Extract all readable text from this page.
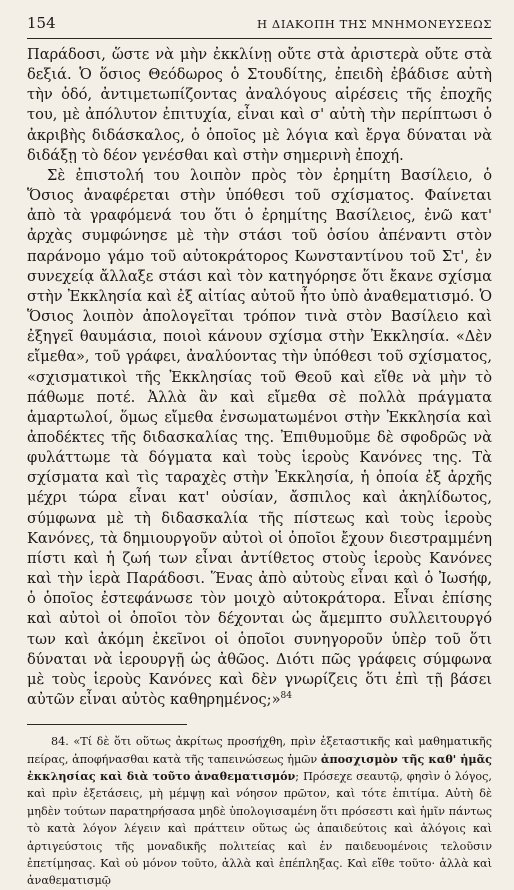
154	Η ΔΙΑΚΟΠΗ ΤΗΣ ΜΝΗΜΟΝΕΥΣΕΩΣ

Παράδοσι, ὥστε νὰ μὴν ἐκκλίνῃ οὔτε στὰ ἀριστερὰ οὔτε στὰ δεξιά. Ὁ ὅσιος Θεόδωρος ὁ Στουδίτης, ἐπειδὴ ἐβάδισε αὐτὴ τὴν ὁδό, ἀντιμετωπίζοντας ἀναλόγους αἱρέσεις τῆς ἐποχῆς του, μὲ ἀπόλυτον ἐπιτυχία, εἶναι καὶ σ' αὐτὴ τὴν περίπτωσι ὁ ἀκριβὴς διδάσκαλος, ὁ ὁποῖος μὲ λόγια καὶ ἔργα δύναται νὰ διδάξῃ τὸ δέον γενέσθαι καὶ στὴν σημερινὴ ἐποχή.

Σὲ ἐπιστολή του λοιπὸν πρὸς τὸν ἐρημίτη Βασίλειο, ὁ Ὅσιος ἀναφέρεται στὴν ὑπόθεσι τοῦ σχίσματος. Φαίνεται ἀπὸ τὰ γραφόμενά του ὅτι ὁ ἐρημίτης Βασίλειος, ἐνῶ κατ' ἀρχὰς συμφώνησε μὲ τὴν στάσι τοῦ ὁσίου ἀπέναντι στὸν παράνομο γάμο τοῦ αὐτοκράτορος Κωνσταντίνου τοῦ Στ', ἐν συνεχείᾳ ἄλλαξε στάσι καὶ τὸν κατηγόρησε ὅτι ἔκανε σχίσμα στὴν Ἐκκλησία καὶ ἐξ αἰτίας αὐτοῦ ἦτο ὑπὸ ἀναθεματισμό. Ὁ Ὅσιος λοιπὸν ἀπολογεῖται τρόπον τινὰ στὸν Βασίλειο καὶ ἐξηγεῖ θαυμάσια, ποιοὶ κάνουν σχίσμα στὴν Ἐκκλησία. «Δὲν εἴμεθα», τοῦ γράφει, ἀναλύοντας τὴν ὑπόθεσι τοῦ σχίσματος, «σχισματικοὶ τῆς Ἐκκλησίας τοῦ Θεοῦ καὶ εἴθε νὰ μὴν τὸ πάθωμε ποτέ. Ἀλλὰ ἂν καὶ εἴμεθα σὲ πολλὰ πράγματα ἁμαρτωλοί, ὅμως εἴμεθα ἐνσωματωμένοι στὴν Ἐκκλησία καὶ ἀποδέκτες τῆς διδασκαλίας της. Ἐπιθυμοῦμε δὲ σφοδρῶς νὰ φυλάττωμε τὰ δόγματα καὶ τοὺς ἱεροὺς Κανόνες της. Τὰ σχίσματα καὶ τὶς ταραχὲς στὴν Ἐκκλησία, ἡ ὁποία ἐξ ἀρχῆς μέχρι τώρα εἶναι κατ' οὐσίαν, ἄσπιλος καὶ ἀκηλίδωτος, σύμφωνα μὲ τὴ διδασκαλία τῆς πίστεως καὶ τοὺς ἱεροὺς Κανόνες, τὰ δημιουργοῦν αὐτοὶ οἱ ὁποῖοι ἔχουν διεστραμμένη πίστι καὶ ἡ ζωή των εἶναι ἀντίθετος στοὺς ἱεροὺς Κανόνες καὶ τὴν ἱερὰ Παράδοσι. Ἕνας ἀπὸ αὐτοὺς εἶναι καὶ ὁ Ἰωσήφ, ὁ ὁποῖος ἐστεφάνωσε τὸν μοιχὸ αὐτοκράτορα. Εἶναι ἐπίσης καὶ αὐτοὶ οἱ ὁποῖοι τὸν δέχονται ὡς ἄμεμπτο συλλειτουργό των καὶ ἀκόμη ἐκεῖνοι οἱ ὁποῖοι συνηγοροῦν ὑπὲρ τοῦ ὅτι δύναται νὰ ἱερουργῇ ὡς ἀθῶος. Διότι πῶς γράφεις σύμφωνα μὲ τοὺς ἱεροὺς Κανόνες καὶ δὲν γνωρίζεις ὅτι ἐπὶ τῇ βάσει αὐτῶν εἶναι αὐτὸς καθηρημένος;»$^{84}$

84. «Τί δὲ ὅτι οὕτως ἀκρίτως προσήχθη, πρὶν ἐξεταστικῆς καὶ μαθηματικῆς πείρας, ἀποφήνασθαι κατὰ τῆς ταπεινώσεως ἡμῶν ἀποσχισμὸν τῆς καθ' ἡμᾶς ἐκκλησίας καὶ διὰ τοῦτο ἀναθεματισμόν; Πρόσεχε σεαυτῷ, φησὶν ὁ λόγος, καὶ πρὶν ἐξετάσεις, μὴ μέμψῃ καὶ νόησον πρῶτον, καὶ τότε ἐπιτίμα. Αὐτὴ δὲ μηδὲν τούτων παρατηρήσασα μηδὲ ὑπολογισαμένη ὅτι πρόσεστι καὶ ἡμῖν πάντως τὸ κατὰ λόγον λέγειν καὶ πράττειν οὕτως ὡς ἀπαιδεύτοις καὶ ἀλόγοις καὶ ἀρτιγεύστοις τῆς μοναδικῆς πολιτείας καὶ ἐν παιδευομένοις τελοῦσιν ἐπετίμησας. Καὶ οὐ μόνον τοῦτο, ἀλλὰ καὶ ἐπέπληξας. Καὶ εἴθε τοῦτο· ἀλλὰ καὶ ἀναθεματισμῷ
